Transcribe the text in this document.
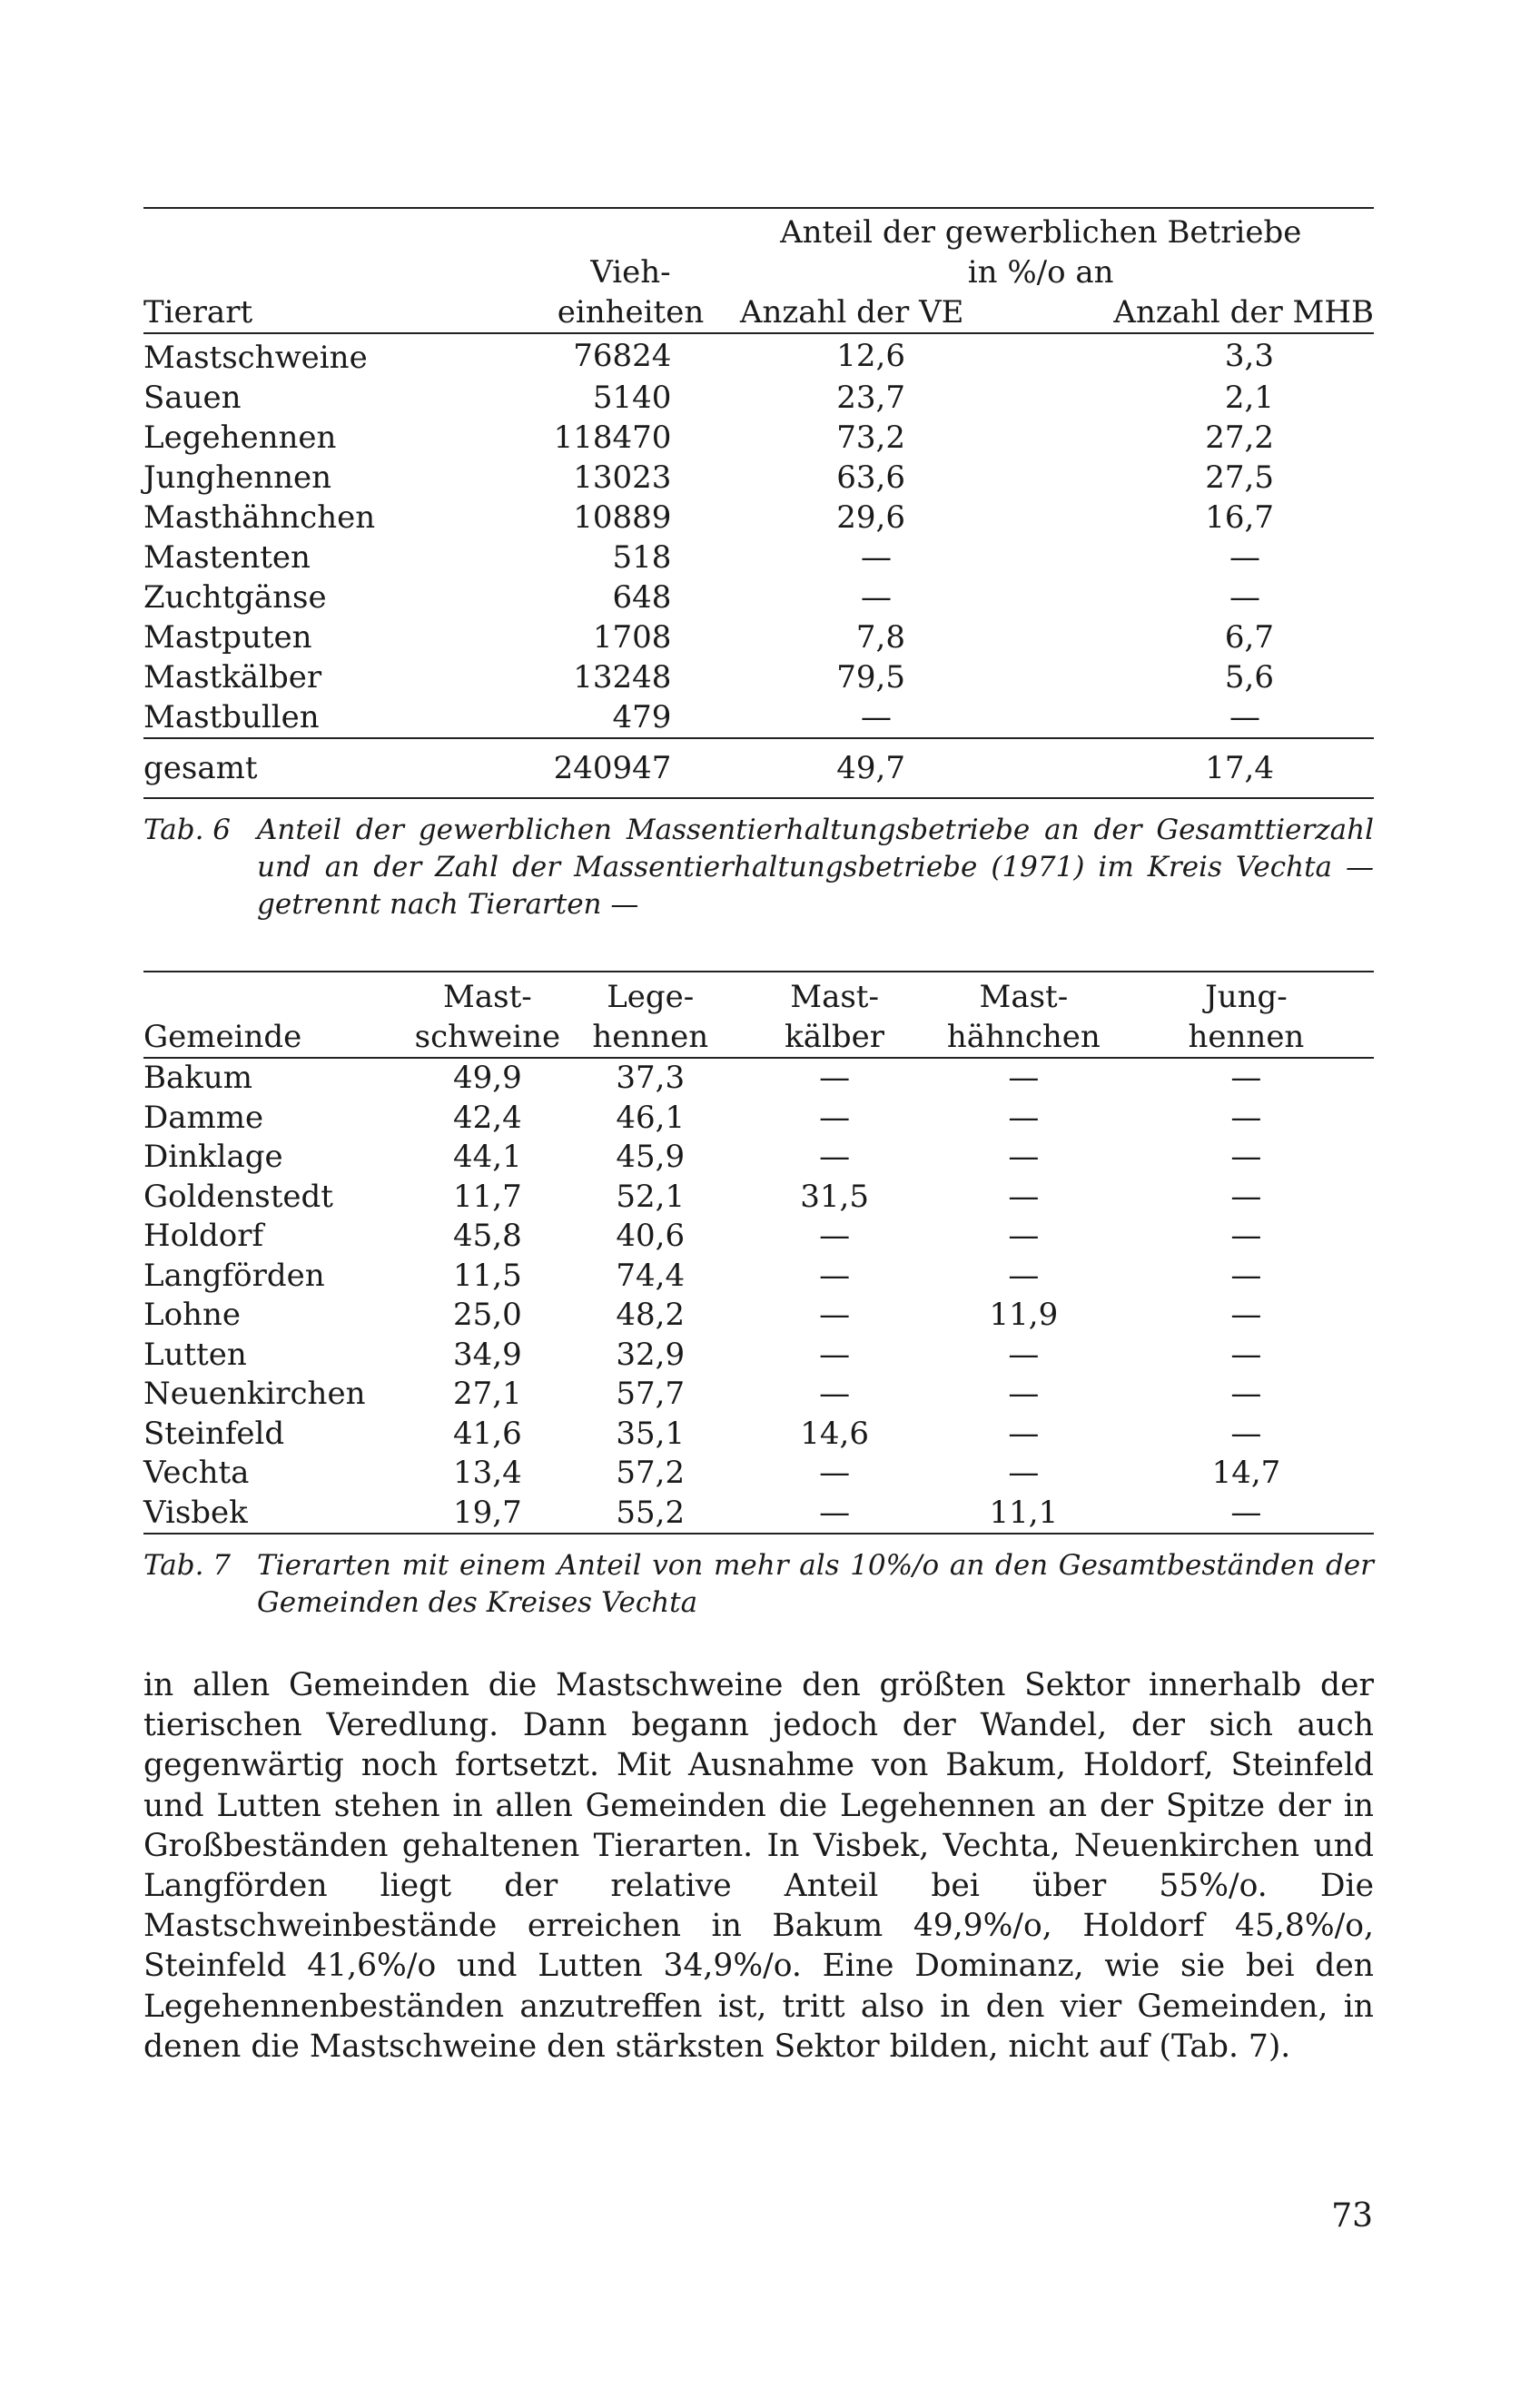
		Anteil der gewerblichen Betriebe	
	Vieh-	in %/o an	
Tierart	einheiten	Anzahl der VE	Anzahl der MHB
Mastschweine	76824	12,6	3,3
Sauen	5140	23,7	2,1
Legehennen	118470	73,2	27,2
Junghennen	13023	63,6	27,5
Masthähnchen	10889	29,6	16,7
Mastenten	518	—	—
Zuchtgänse	648	—	—
Mastputen	1708	7,8	6,7
Mastkälber	13248	79,5	5,6
Mastbullen	479	—	—
gesamt	240947	49,7	17,4
Tab. 6 Anteil der gewerblichen Massentierhaltungsbetriebe an der Gesamttierzahl und an der Zahl der Massentierhaltungsbetriebe (1971) im Kreis Vechta — getrennt nach Tierarten —
	Mast-	Lege-	Mast-	Mast-	Jung-
Gemeinde	schweine	hennen	kälber	hähnchen	hennen
Bakum	49,9	37,3	—	—	—
Damme	42,4	46,1	—	—	—
Dinklage	44,1	45,9	—	—	—
Goldenstedt	11,7	52,1	31,5	—	—
Holdorf	45,8	40,6	—	—	—
Langförden	11,5	74,4	—	—	—
Lohne	25,0	48,2	—	11,9	—
Lutten	34,9	32,9	—	—	—
Neuenkirchen	27,1	57,7	—	—	—
Steinfeld	41,6	35,1	14,6	—	—
Vechta	13,4	57,2	—	—	14,7
Visbek	19,7	55,2	—	11,1	—
Tab. 7 Tierarten mit einem Anteil von mehr als 10%/o an den Gesamtbeständen der Gemeinden des Kreises Vechta
in allen Gemeinden die Mastschweine den größten Sektor innerhalb der tierischen Veredlung. Dann begann jedoch der Wandel, der sich auch gegenwärtig noch fortsetzt. Mit Ausnahme von Bakum, Holdorf, Steinfeld und Lutten stehen in allen Gemeinden die Legehennen an der Spitze der in Großbeständen gehaltenen Tierarten. In Visbek, Vechta, Neuenkirchen und Langförden liegt der relative Anteil bei über 55%/o. Die Mastschweinbestände erreichen in Bakum 49,9%/o, Holdorf 45,8%/o, Steinfeld 41,6%/o und Lutten 34,9%/o. Eine Dominanz, wie sie bei den Legehennenbeständen anzutreffen ist, tritt also in den vier Gemeinden, in denen die Mastschweine den stärksten Sektor bilden, nicht auf (Tab. 7).
73
